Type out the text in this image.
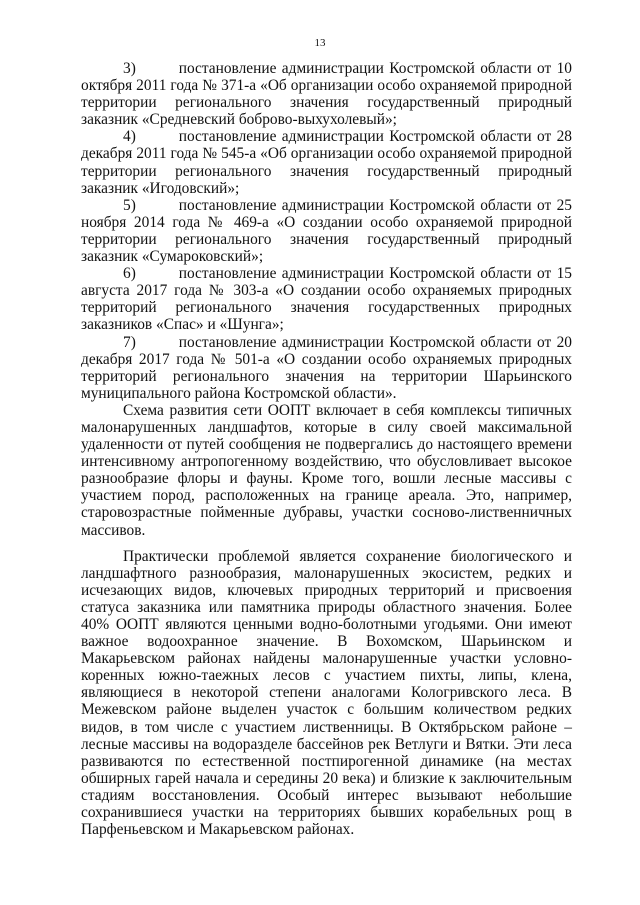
13

3)        постановление администрации Костромской области от 10 октября 2011 года № 371-а «Об организации особо охраняемой природной территории регионального значения государственный природный заказник «Средневский боброво-выхухолевый»;

4)        постановление администрации Костромской области от 28 декабря 2011 года № 545-а «Об организации особо охраняемой природной территории регионального значения государственный природный заказник «Игодовский»;

5)        постановление администрации Костромской области от 25 ноября 2014 года № 469-а «О создании особо охраняемой природной территории регионального значения государственный природный заказник «Сумароковский»;

6)        постановление администрации Костромской области от 15 августа 2017 года № 303-а «О создании особо охраняемых природных территорий регионального значения государственных природных заказников «Спас» и «Шунга»;

7)        постановление администрации Костромской области от 20 декабря 2017 года № 501-а «О создании особо охраняемых природных территорий регионального значения на территории Шарьинского муниципального района Костромской области».

Схема развития сети ООПТ включает в себя комплексы типичных малонарушенных ландшафтов, которые в силу своей максимальной удаленности от путей сообщения не подвергались до настоящего времени интенсивному антропогенному воздействию, что обусловливает высокое разнообразие флоры и фауны. Кроме того, вошли лесные массивы с участием пород, расположенных на границе ареала. Это, например, старовозрастные пойменные дубравы, участки сосново-лиственничных массивов.

Практически проблемой является сохранение биологического и ландшафтного разнообразия, малонарушенных экосистем, редких и исчезающих видов, ключевых природных территорий и присвоения статуса заказника или памятника природы областного значения. Более 40% ООПТ являются ценными водно-болотными угодьями. Они имеют важное водоохранное значение. В Вохомском, Шарьинском и Макарьевском районах найдены малонарушенные участки условно-коренных южно-таежных лесов с участием пихты, липы, клена, являющиеся в некоторой степени аналогами Кологривского леса. В Межевском районе выделен участок с большим количеством редких видов, в том числе с участием лиственницы. В Октябрьском районе – лесные массивы на водоразделе бассейнов рек Ветлуги и Вятки. Эти леса развиваются по естественной постпирогенной динамике (на местах обширных гарей начала и середины 20 века) и близкие к заключительным стадиям восстановления. Особый интерес вызывают небольшие сохранившиеся участки на территориях бывших корабельных рощ в Парфеньевском и Макарьевском районах.
